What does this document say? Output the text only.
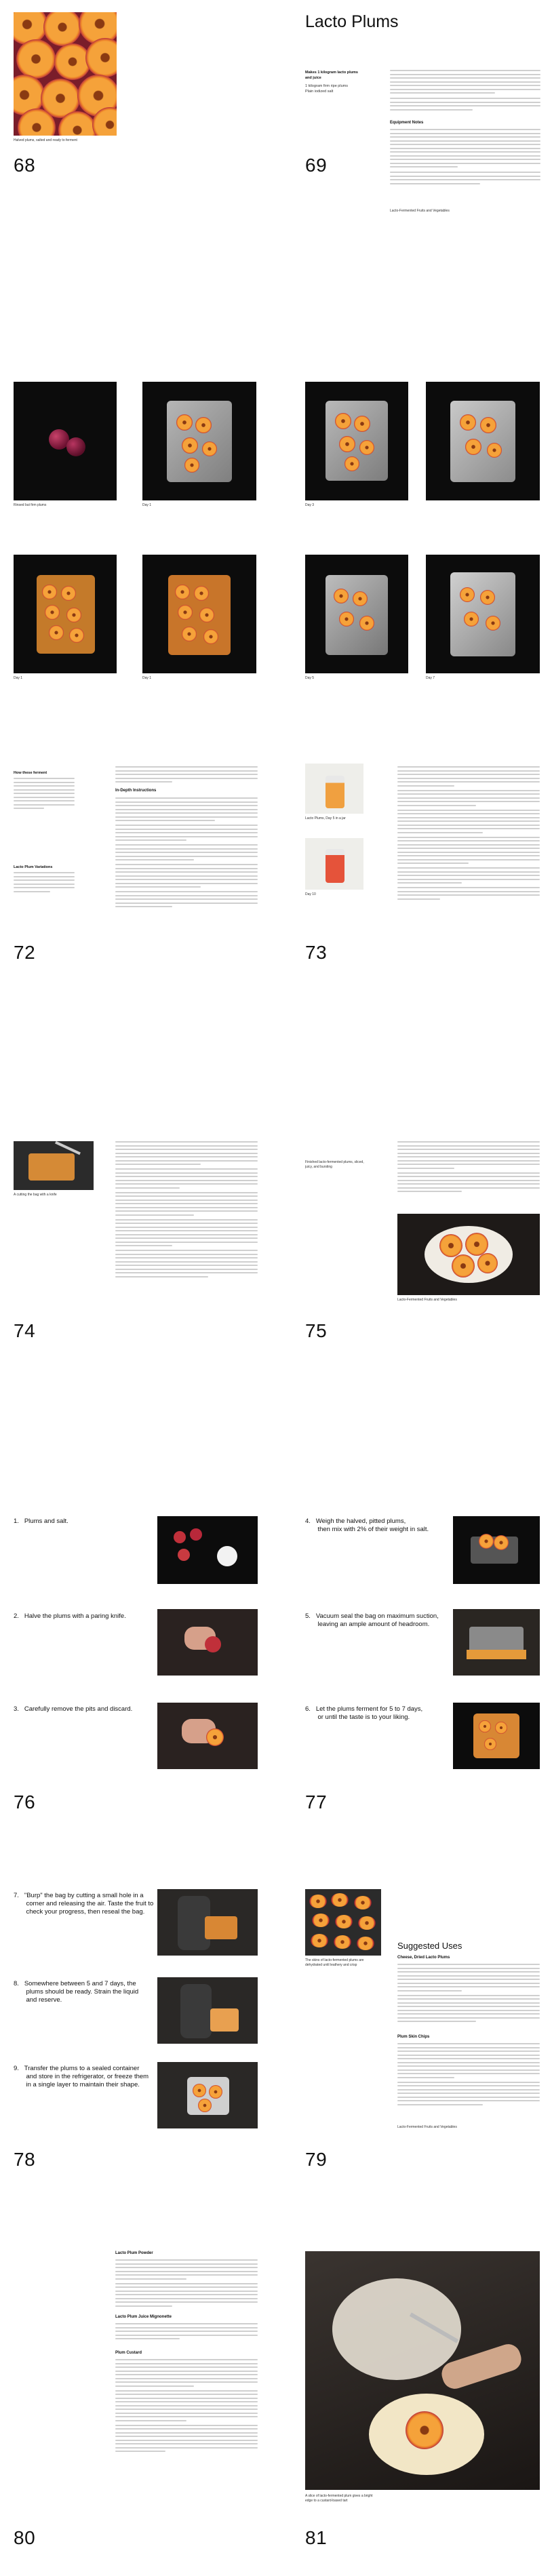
Halved plums, salted and ready to ferment
68
Lacto Plums
Makes 1 kilogram lacto plums
and juice
1 kilogram firm ripe plums
Plain iodized salt
Equipment Notes
Lacto-Fermented Fruits and Vegetables
69
Rinsed but firm plums	Day 1	Day 3
Day 1	Day 1	Day 5	Day 7
How these ferment
Lacto Plum Variations
In-Depth Instructions
72
Lacto Plums, Day 5 in a jar
Day 10
73
A cutting the bag with a knife
74
Finished lacto-fermented plums, sliced, juicy, and bursting
Lacto-Fermented Fruits and Vegetables
75
1.   Plums and salt.
2.   Halve the plums with a paring knife.
3.   Carefully remove the pits and discard.
76
4.   Weigh the halved, pitted plums,
then mix with 2% of their weight in salt.
5.   Vacuum seal the bag on maximum suction,
leaving an ample amount of headroom.
6.   Let the plums ferment for 5 to 7 days,
or until the taste is to your liking.
77
7.   "Burp" the bag by cutting a small hole in a
corner and releasing the air. Taste the fruit to
check your progress, then reseal the bag.
8.   Somewhere between 5 and 7 days, the
plums should be ready. Strain the liquid
and reserve.
9.   Transfer the plums to a sealed container
and store in the refrigerator, or freeze them
in a single layer to maintain their shape.
78
The skins of lacto-fermented plums are dehydrated until leathery and crisp
Suggested Uses
Cheese, Dried Lacto Plums
Plum Skin Chips
Lacto-Fermented Fruits and Vegetables
79
Lacto Plum Powder
Lacto Plum Juice Mignonette
Plum Custard
80
A slice of lacto-fermented plum gives a bright edge to a custard-based tart
81
